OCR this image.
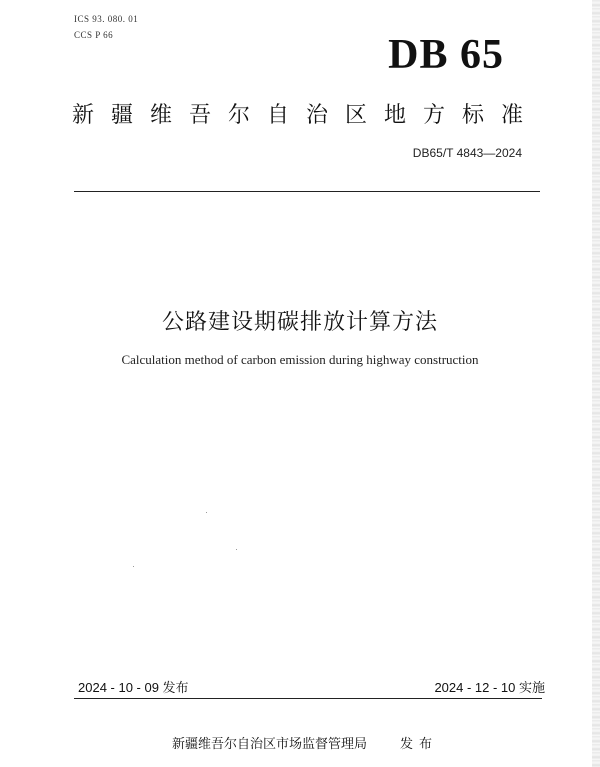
ICS 93. 080. 01
CCS P 66	DB 65
新疆维吾尔自治区地方标准
DB65/T 4843—2024
公路建设期碳排放计算方法
Calculation method of carbon emission during highway construction
2024 - 10 - 09 发布	2024 - 12 - 10 实施
新疆维吾尔自治区市场监督管理局	发布
